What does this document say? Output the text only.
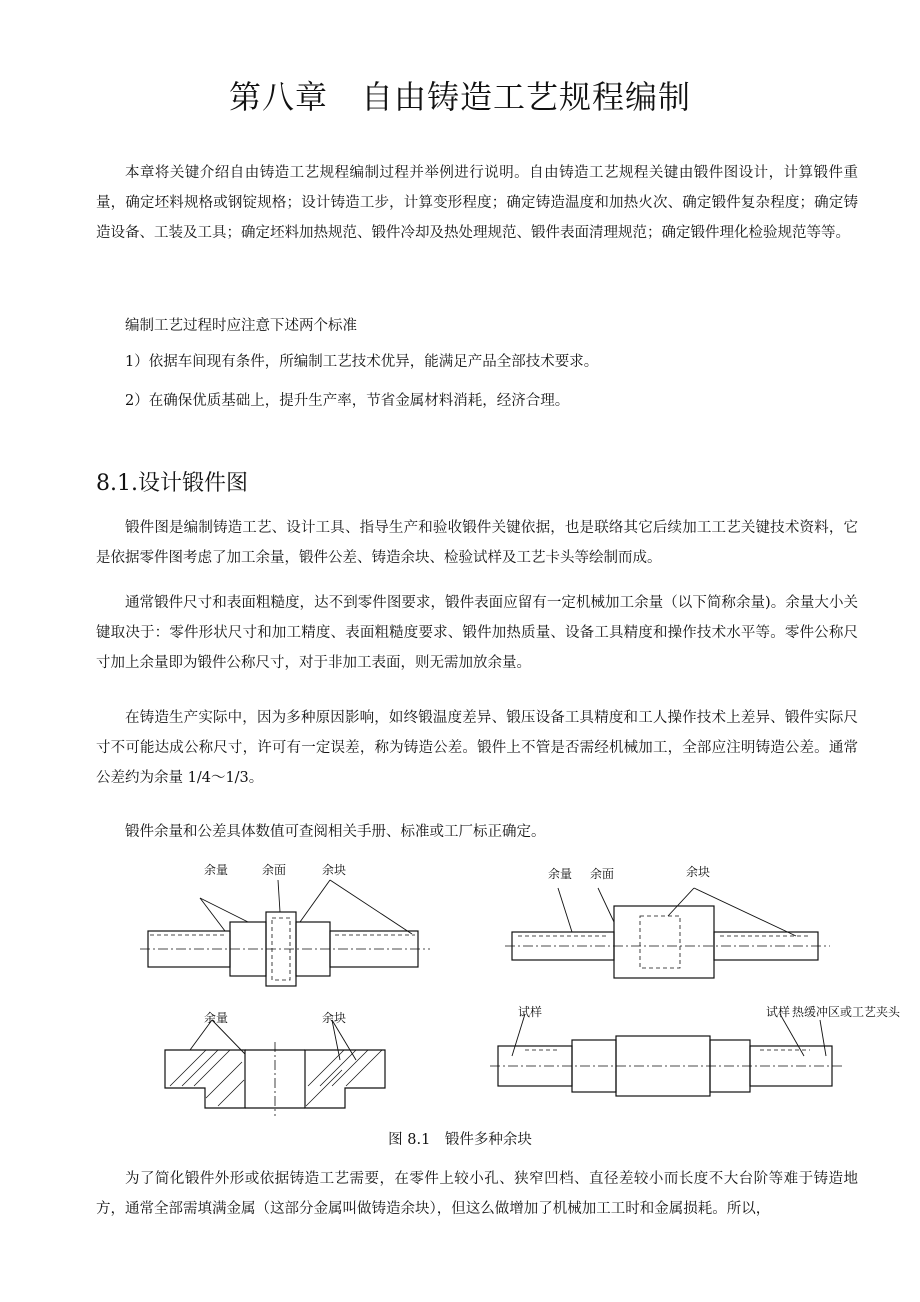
第八章　自由铸造工艺规程编制

本章将关键介绍自由铸造工艺规程编制过程并举例进行说明。自由铸造工艺规程关键由锻件图设计，计算锻件重量，确定坯料规格或钢锭规格；设计铸造工步，计算变形程度；确定铸造温度和加热火次、确定锻件复杂程度；确定铸造设备、工装及工具；确定坯料加热规范、锻件冷却及热处理规范、锻件表面清理规范；确定锻件理化检验规范等等。

编制工艺过程时应注意下述两个标准

1）依据车间现有条件，所编制工艺技术优异，能满足产品全部技术要求。

2）在确保优质基础上，提升生产率，节省金属材料消耗，经济合理。

8.1.设计锻件图

锻件图是编制铸造工艺、设计工具、指导生产和验收锻件关键依据，也是联络其它后续加工工艺关键技术资料，它是依据零件图考虑了加工余量，锻件公差、铸造余块、检验试样及工艺卡头等绘制而成。

通常锻件尺寸和表面粗糙度，达不到零件图要求，锻件表面应留有一定机械加工余量（以下简称余量)。余量大小关键取决于：零件形状尺寸和加工精度、表面粗糙度要求、锻件加热质量、设备工具精度和操作技术水平等。零件公称尺寸加上余量即为锻件公称尺寸，对于非加工表面，则无需加放余量。

在铸造生产实际中，因为多种原因影响，如终锻温度差异、锻压设备工具精度和工人操作技术上差异、锻件实际尺寸不可能达成公称尺寸，许可有一定误差，称为铸造公差。锻件上不管是否需经机械加工，全部应注明铸造公差。通常公差约为余量 1/4～1/3。

锻件余量和公差具体数值可查阅相关手册、标准或工厂标正确定。

余量	余面	余块	余量 余面	余块
余量	余块	试样	试样 热缓冲区或工艺夹头
图 8.1　锻件多种余块

为了简化锻件外形或依据铸造工艺需要，在零件上较小孔、狭窄凹档、直径差较小而长度不大台阶等难于铸造地方，通常全部需填满金属（这部分金属叫做铸造余块），但这么做增加了机械加工工时和金属损耗。所以，
